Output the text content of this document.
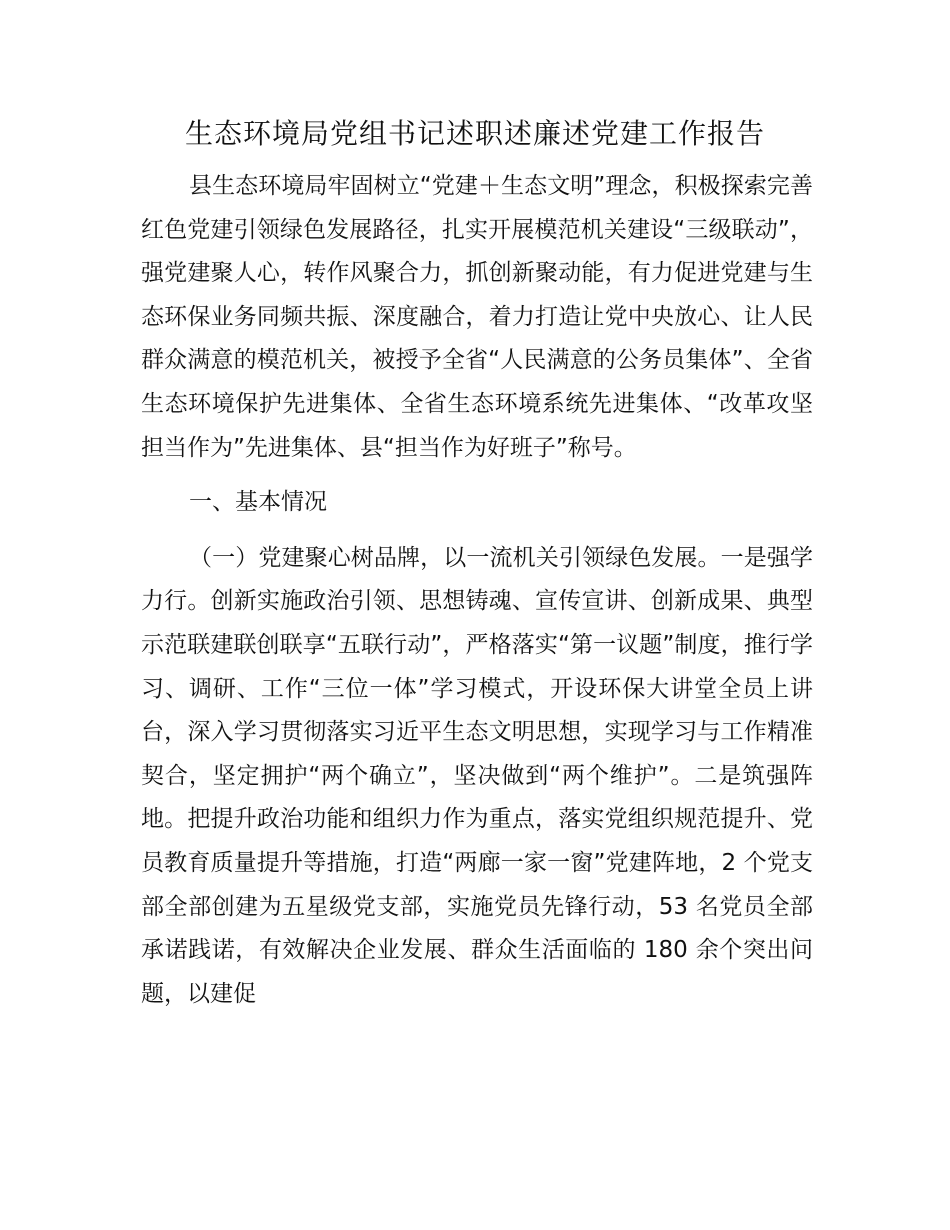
生态环境局党组书记述职述廉述党建工作报告

县生态环境局牢固树立“党建＋生态文明”理念，积极探索完善红色党建引领绿色发展路径，扎实开展模范机关建设“三级联动”，强党建聚人心，转作风聚合力，抓创新聚动能，有力促进党建与生态环保业务同频共振、深度融合，着力打造让党中央放心、让人民群众满意的模范机关，被授予全省“人民满意的公务员集体”、全省生态环境保护先进集体、全省生态环境系统先进集体、“改革攻坚担当作为”先进集体、县“担当作为好班子”称号。

一、基本情况

（一）党建聚心树品牌，以一流机关引领绿色发展。一是强学力行。创新实施政治引领、思想铸魂、宣传宣讲、创新成果、典型示范联建联创联享“五联行动”，严格落实“第一议题”制度，推行学习、调研、工作“三位一体”学习模式，开设环保大讲堂全员上讲台，深入学习贯彻落实习近平生态文明思想，实现学习与工作精准契合，坚定拥护“两个确立”，坚决做到“两个维护”。二是筑强阵地。把提升政治功能和组织力作为重点，落实党组织规范提升、党员教育质量提升等措施，打造“两廊一家一窗”党建阵地，2 个党支部全部创建为五星级党支部，实施党员先锋行动，53 名党员全部承诺践诺，有效解决企业发展、群众生活面临的 180 余个突出问题，以建促
